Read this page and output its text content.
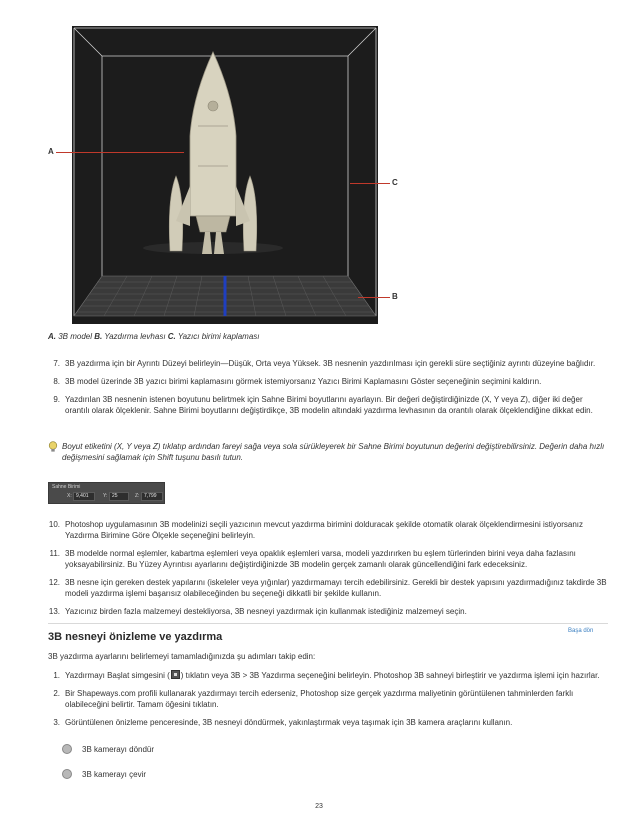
A
C
B
A. 3B model B. Yazdırma levhası C. Yazıcı birimi kaplaması
7. 3B yazdırma için bir Ayrıntı Düzeyi belirleyin—Düşük, Orta veya Yüksek. 3B nesnenin yazdırılması için gerekli süre seçtiğiniz ayrıntı düzeyine bağlıdır.
8. 3B model üzerinde 3B yazıcı birimi kaplamasını görmek istemiyorsanız Yazıcı Birimi Kaplamasını Göster seçeneğinin seçimini kaldırın.
9. Yazdırılan 3B nesnenin istenen boyutunu belirtmek için Sahne Birimi boyutlarını ayarlayın. Bir değeri değiştirdiğinizde (X, Y veya Z), diğer iki değer orantılı olarak ölçeklenir. Sahne Birimi boyutlarını değiştirdikçe, 3B modelin altındaki yazdırma levhasının da orantılı olarak ölçeklendiğine dikkat edin.
Boyut etiketini (X, Y veya Z) tıklatıp ardından fareyi sağa veya sola sürükleyerek bir Sahne Birimi boyutunun değerini değiştirebilirsiniz. Değerin daha hızlı değişmesini sağlamak için Shift tuşunu basılı tutun.
Sahne Birimi
X: 9,401	Y: 25	Z: 7,799
10. Photoshop uygulamasının 3B modelinizi seçili yazıcının mevcut yazdırma birimini dolduracak şekilde otomatik olarak ölçeklendirmesini istiyorsanız Yazdırma Birimine Göre Ölçekle seçeneğini belirleyin.
11. 3B modelde normal eşlemler, kabartma eşlemleri veya opaklık eşlemleri varsa, modeli yazdırırken bu eşlem türlerinden birini veya daha fazlasını yoksayabilirsiniz. Bu Yüzey Ayrıntısı ayarlarını değiştirdiğinizde 3B modelin gerçek zamanlı olarak güncellendiğini fark edeceksiniz.
12. 3B nesne için gereken destek yapılarını (iskeleler veya yığınlar) yazdırmamayı tercih edebilirsiniz. Gerekli bir destek yapısını yazdırmadığınız takdirde 3B modeli yazdırma işlemi başarısız olabileceğinden bu seçeneği dikkatli bir şekilde kullanın.
13. Yazıcınız birden fazla malzemeyi destekliyorsa, 3B nesneyi yazdırmak için kullanmak istediğiniz malzemeyi seçin.
3B nesneyi önizleme ve yazdırma	Başa dön
3B yazdırma ayarlarını belirlemeyi tamamladığınızda şu adımları takip edin:
1. Yazdırmayı Başlat simgesini ( ) tıklatın veya 3B > 3B Yazdırma seçeneğini belirleyin. Photoshop 3B sahneyi birleştirir ve yazdırma işlemi için hazırlar.
2. Bir Shapeways.com profili kullanarak yazdırmayı tercih ederseniz, Photoshop size gerçek yazdırma maliyetinin görüntülenen tahminlerden farklı olabileceğini belirtir. Tamam öğesini tıklatın.
3. Görüntülenen önizleme penceresinde, 3B nesneyi döndürmek, yakınlaştırmak veya taşımak için 3B kamera araçlarını kullanın.
3B kamerayı döndür
3B kamerayı çevir
23
